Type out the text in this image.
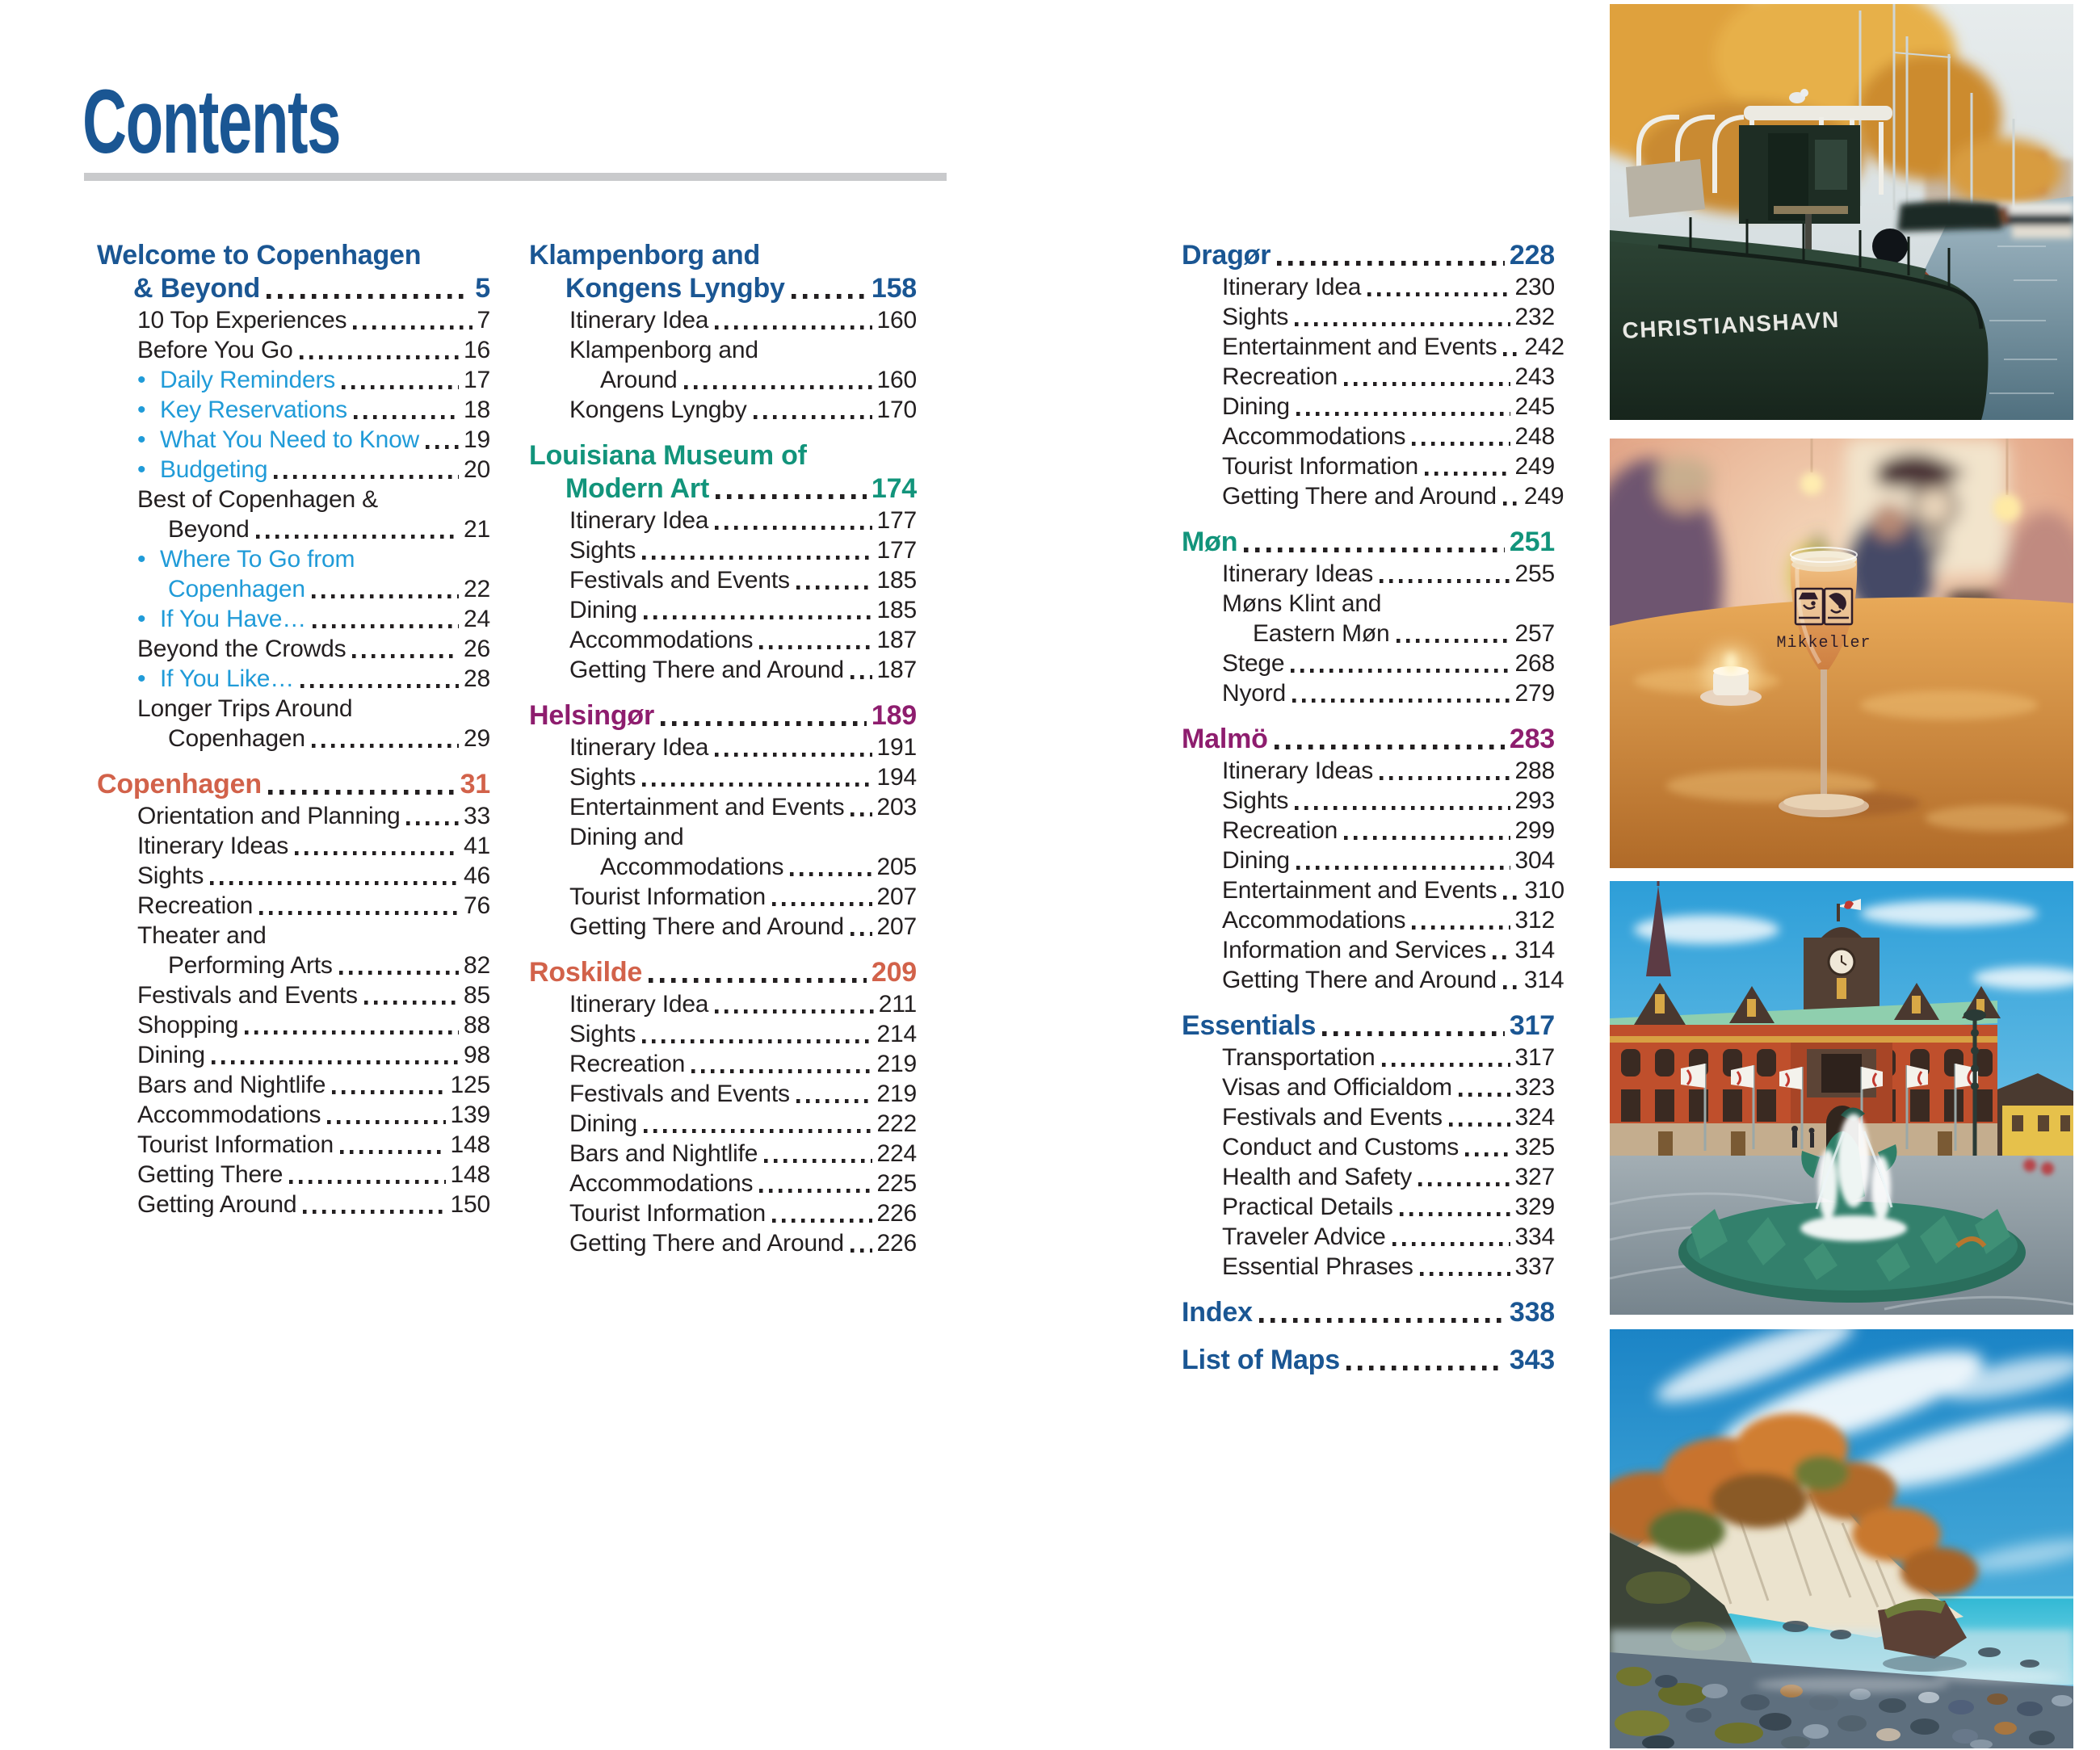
Contents
Welcome to Copenhagen
& Beyond	5
10 Top Experiences	7
Before You Go	16
• Daily Reminders	17
• Key Reservations	18
• What You Need to Know 19
• Budgeting	20
Best of Copenhagen &
Beyond	21
• Where To Go from
Copenhagen	22
• If You Have…	24
Beyond the Crowds	26
• If You Like…	28
Longer Trips Around
Copenhagen	29
Copenhagen	31
Orientation and Planning	33
Itinerary Ideas	41
Sights	46
Recreation	76
Theater and
Performing Arts	82
Festivals and Events	85
Shopping	88
Dining	98
Bars and Nightlife	125
Accommodations	139
Tourist Information	148
Getting There	148
Getting Around	150
Klampenborg and
Kongens Lyngby	158
Itinerary Idea	160
Klampenborg and
Around	160
Kongens Lyngby	170
Louisiana Museum of
Modern Art	174
Itinerary Idea	177
Sights	177
Festivals and Events	185
Dining	185
Accommodations	187
Getting There and Around 187
Helsingør	189
Itinerary Idea	191
Sights	194
Entertainment and Events 203
Dining and
Accommodations	205
Tourist Information	207
Getting There and Around 207
Roskilde	209
Itinerary Idea	211
Sights	214
Recreation	219
Festivals and Events	219
Dining	222
Bars and Nightlife	224
Accommodations	225
Tourist Information	226
Getting There and Around 226
Dragør	228
Itinerary Idea	230
Sights	232
Entertainment and Events 242
Recreation	243
Dining	245
Accommodations	248
Tourist Information	249
Getting There and Around 249
Møn	251
Itinerary Ideas	255
Møns Klint and
Eastern Møn	257
Stege	268
Nyord	279
Malmö	283
Itinerary Ideas	288
Sights	293
Recreation	299
Dining	304
Entertainment and Events 310
Accommodations	312
Information and Services 314
Getting There and Around 314
Essentials	317
Transportation	317
Visas and Officialdom	323
Festivals and Events	324
Conduct and Customs 325
Health and Safety	327
Practical Details	329
Traveler Advice	334
Essential Phrases	337
Index	338
List of Maps	343
CHRISTIANSHAVN
Mikkeller
